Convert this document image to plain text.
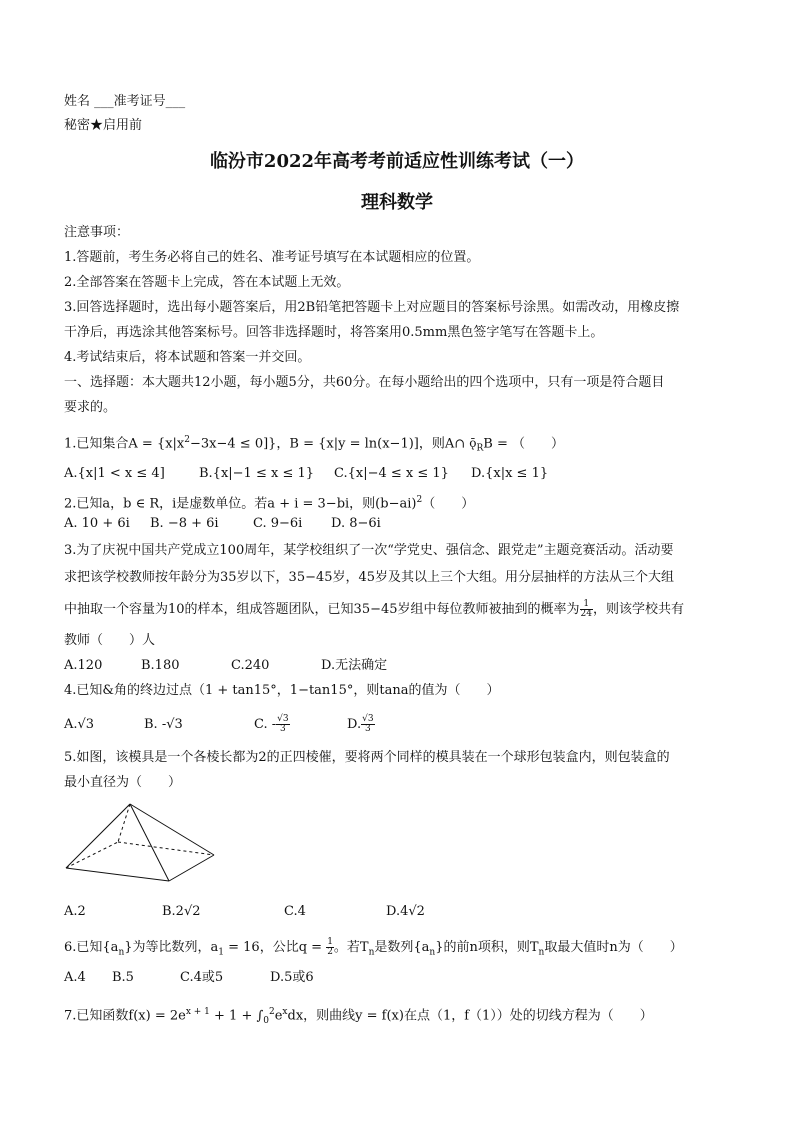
姓名 ___准考证号___
秘密★启用前
临汾市2022年高考考前适应性训练考试（一）
理科数学
注意事项：
1.答题前，考生务必将自己的姓名、准考证号填写在本试题相应的位置。
2.全部答案在答题卡上完成，答在本试题上无效。
3.回答选择题时，选出每小题答案后，用2B铅笔把答题卡上对应题目的答案标号涂黑。如需改动，用橡皮擦
干净后，再选涂其他答案标号。回答非选择题时，将答案用0.5mm黑色签字笔写在答题卡上。
4.考试结束后，将本试题和答案一并交回。
一、选择题：本大题共12小题，每小题5分，共60分。在每小题给出的四个选项中，只有一项是符合题目
要求的。
1.已知集合$A = \{x|x^2-3x-4 \le 0]$}，B = {x|y = ln(x−1)]，则A∩ $ǭ_RB$ = （　　）
A.{x|1 < x ≤ 4]	B.{x|−1 ≤ x ≤ 1} C.{x|−4 ≤ x ≤ 1} D.{x|x ≤ 1}
2.已知a，b ∈ R，i是虚数单位。若a + i = 3−bi，则$(b-ai)^2$（　　）
A. 10 + 6i B. −8 + 6i	C. 9−6i D. 8−6i
3.为了庆祝中国共产党成立100周年，某学校组织了一次“学党史、强信念、跟党走”主题竞赛活动。活动要
求把该学校教师按年龄分为35岁以下，35−45岁，45岁及其以上三个大组。用分层抽样的方法从三个大组
中抽取一个容量为10的样本，组成答题团队，已知35−45岁组中每位教师被抽到的概率为 $\frac{1}{24}$ ，则该学校共有
教师（　　）人
A.120	B.180	C.240	D.无法确定
4.已知&角的终边过点（1 + tan15°，1−tan15°，则tana的值为（　　）
A.√3	B. -√3	C. - $\frac{√3}{3}$	D. $\frac{√3}{3}$
5.如图，该模具是一个各棱长都为2的正四棱催，要将两个同样的模具装在一个球形包装盒内，则包装盒的
最小直径为（　　）
A.2	B.2√2	C.4	D.4√2
6.已知$\{a_n\}$为等比数列，$a_1 = 16$，公比$q = \frac{1}{2}$ 。若$T_n$是数列$\{a_n\}$的前n项积，则$T_n$取最大值时n为（　　）
A.4 B.5	C.4或5	D.5或6
7.已知函数$f(x) = 2e^{x + 1} + 1 + \int_0^2e^xdx$，则曲线y = f(x)在点（1，f（1））处的切线方程为（　　）
